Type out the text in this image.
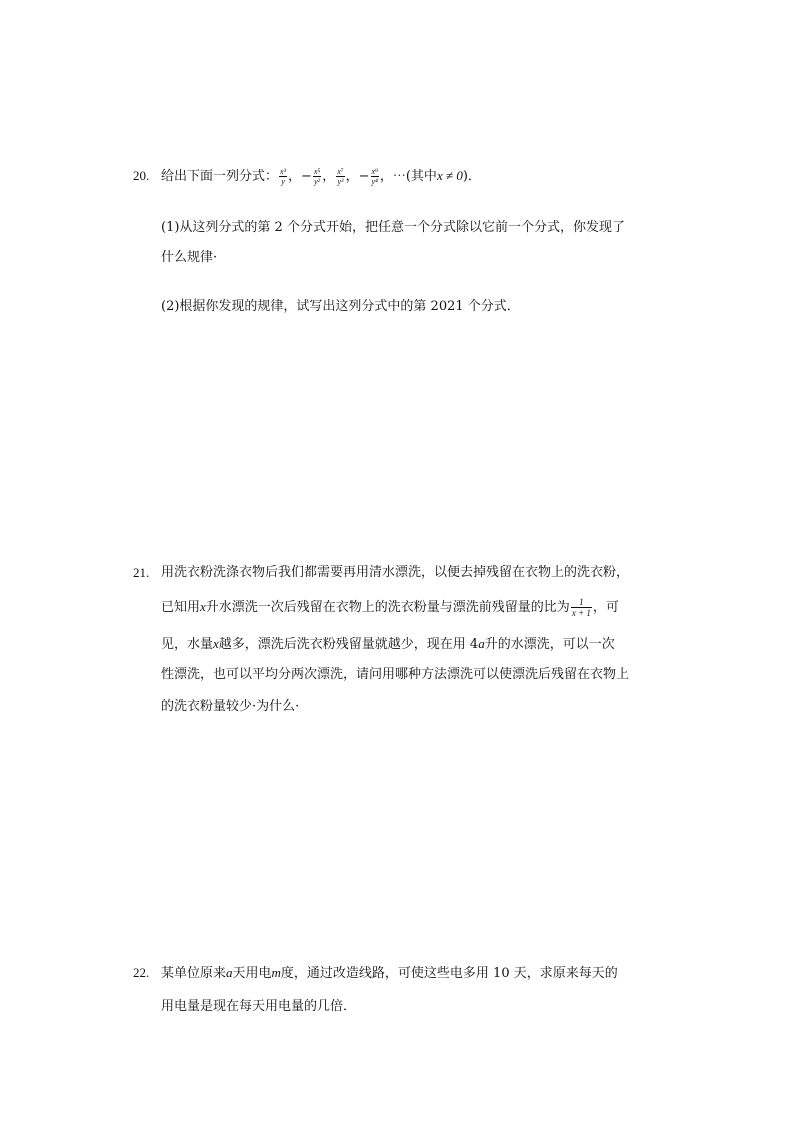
20. 给出下面一列分式： $\frac{\text{x³}}{y}$ ，− $\frac{\text{x⁵}}{\text{y²}}$ ， $\frac{\text{x⁷}}{\text{y³}}$ ，− $\frac{\text{x⁹}}{\text{y⁴}}$ ，⋯(其中x ≠ 0)．
(1)从这列分式的第 2 个分式开始，把任意一个分式除以它前一个分式，你发现了
什么规律·
(2)根据你发现的规律，试写出这列分式中的第 2021 个分式．
21. 用洗衣粉洗涤衣物后我们都需要再用清水漂洗，以便去掉残留在衣物上的洗衣粉，
已知用x升水漂洗一次后残留在衣物上的洗衣粉量与漂洗前残留量的比为 $\frac{1}{x + 1}$ ，可
见，水量x越多，漂洗后洗衣粉残留量就越少，现在用 4a升的水漂洗，可以一次
性漂洗，也可以平均分两次漂洗，请问用哪种方法漂洗可以使漂洗后残留在衣物上
的洗衣粉量较少·为什么·
22. 某单位原来a天用电m度，通过改造线路，可使这些电多用 10 天，求原来每天的
用电量是现在每天用电量的几倍．
